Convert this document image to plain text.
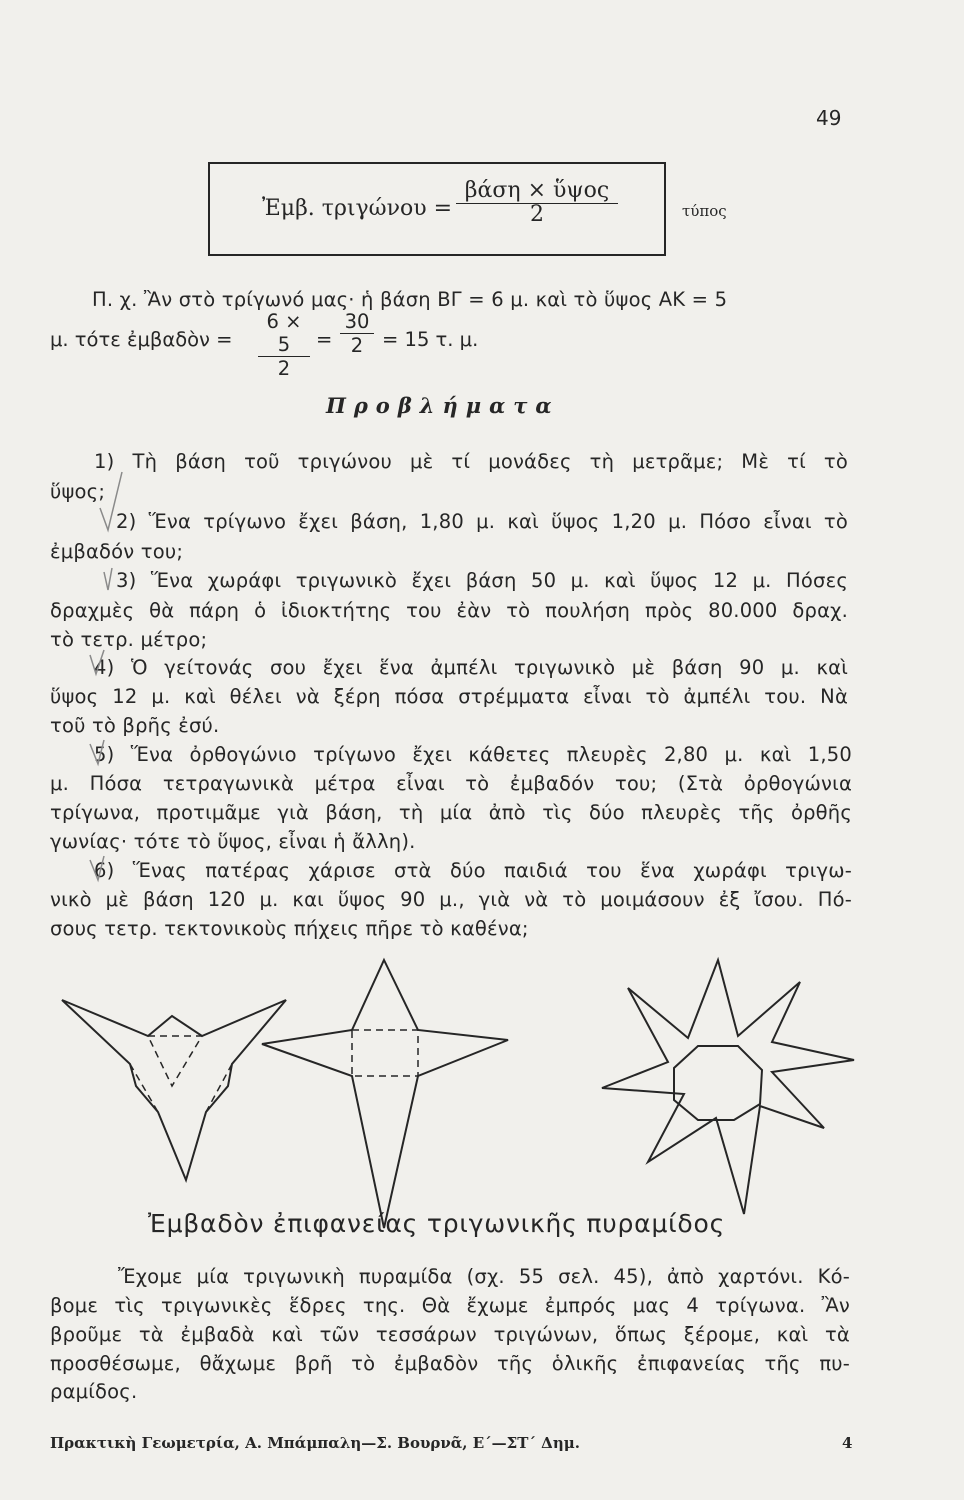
49
Ἐμβ. τριγώνου =
βάση × ὕψος
2	τύπος
Π. χ. Ἂν στὸ τρίγωνό μας· ἡ βάση ΒΓ = 6 μ. καὶ τὸ ὕψος ΑΚ = 5
μ. τότε ἐμβαδὸν =
6 × 5
2
=
30
2 = 15 τ. μ.
Προβλήματα
1) Τὴ βάση τοῦ τριγώνου μὲ τί μονάδες τὴ μετρᾶμε; Μὲ τί τὸ
ὕψος;
2) Ἕνα τρίγωνο ἔχει βάση, 1,80 μ. καὶ ὕψος 1,20 μ. Πόσο εἶναι τὸ
ἐμβαδόν του;
3) Ἕνα χωράφι τριγωνικὸ ἔχει βάση 50 μ. καὶ ὕψος 12 μ. Πόσες
δραχμὲς θὰ πάρη ὁ ἰδιοκτήτης του ἐὰν τὸ πουλήση πρὸς 80.000 δραχ.
τὸ τετρ. μέτρο;
4) Ὁ γείτονάς σου ἔχει ἕνα ἀμπέλι τριγωνικὸ μὲ βάση 90 μ. καὶ
ὕψος 12 μ. καὶ θέλει νὰ ξέρη πόσα στρέμματα εἶναι τὸ ἀμπέλι του. Νὰ
τοῦ τὸ βρῆς ἐσύ.
5) Ἕνα ὀρθογώνιο τρίγωνο ἔχει κάθετες πλευρὲς 2,80 μ. καὶ 1,50
μ. Πόσα τετραγωνικὰ μέτρα εἶναι τὸ ἐμβαδόν του; (Στὰ ὀρθογώνια
τρίγωνα, προτιμᾶμε γιὰ βάση, τὴ μία ἀπὸ τὶς δύο πλευρὲς τῆς ὀρθῆς
γωνίας· τότε τὸ ὕψος, εἶναι ἡ ἄλλη).
6) Ἕνας πατέρας χάρισε στὰ δύο παιδιά του ἕνα χωράφι τριγω-
νικὸ μὲ βάση 120 μ. και ὕψος 90 μ., γιὰ νὰ τὸ μοιμάσουν ἐξ ἴσου. Πό-
σους τετρ. τεκτονικοὺς πήχεις πῆρε τὸ καθένα;
Ἐμβαδὸν ἐπιφανείας τριγωνικῆς πυραμίδος
Ἔχομε μία τριγωνικὴ πυραμίδα (σχ. 55 σελ. 45), ἀπὸ χαρτόνι. Κό-
βομε τὶς τριγωνικὲς ἕδρες της. Θὰ ἔχωμε ἐμπρός μας 4 τρίγωνα. Ἂν
βροῦμε τὰ ἐμβαδὰ καὶ τῶν τεσσάρων τριγώνων, ὅπως ξέρομε, καὶ τὰ
προσθέσωμε, θἄχωμε βρῆ τὸ ἐμβαδὸν τῆς ὁλικῆς ἐπιφανείας τῆς πυ-
ραμίδος.
Πρακτικὴ Γεωμετρία, Α. Μπάμπαλη—Σ. Βουρνᾶ, Ε΄—ΣΤ΄ Δημ.	4
